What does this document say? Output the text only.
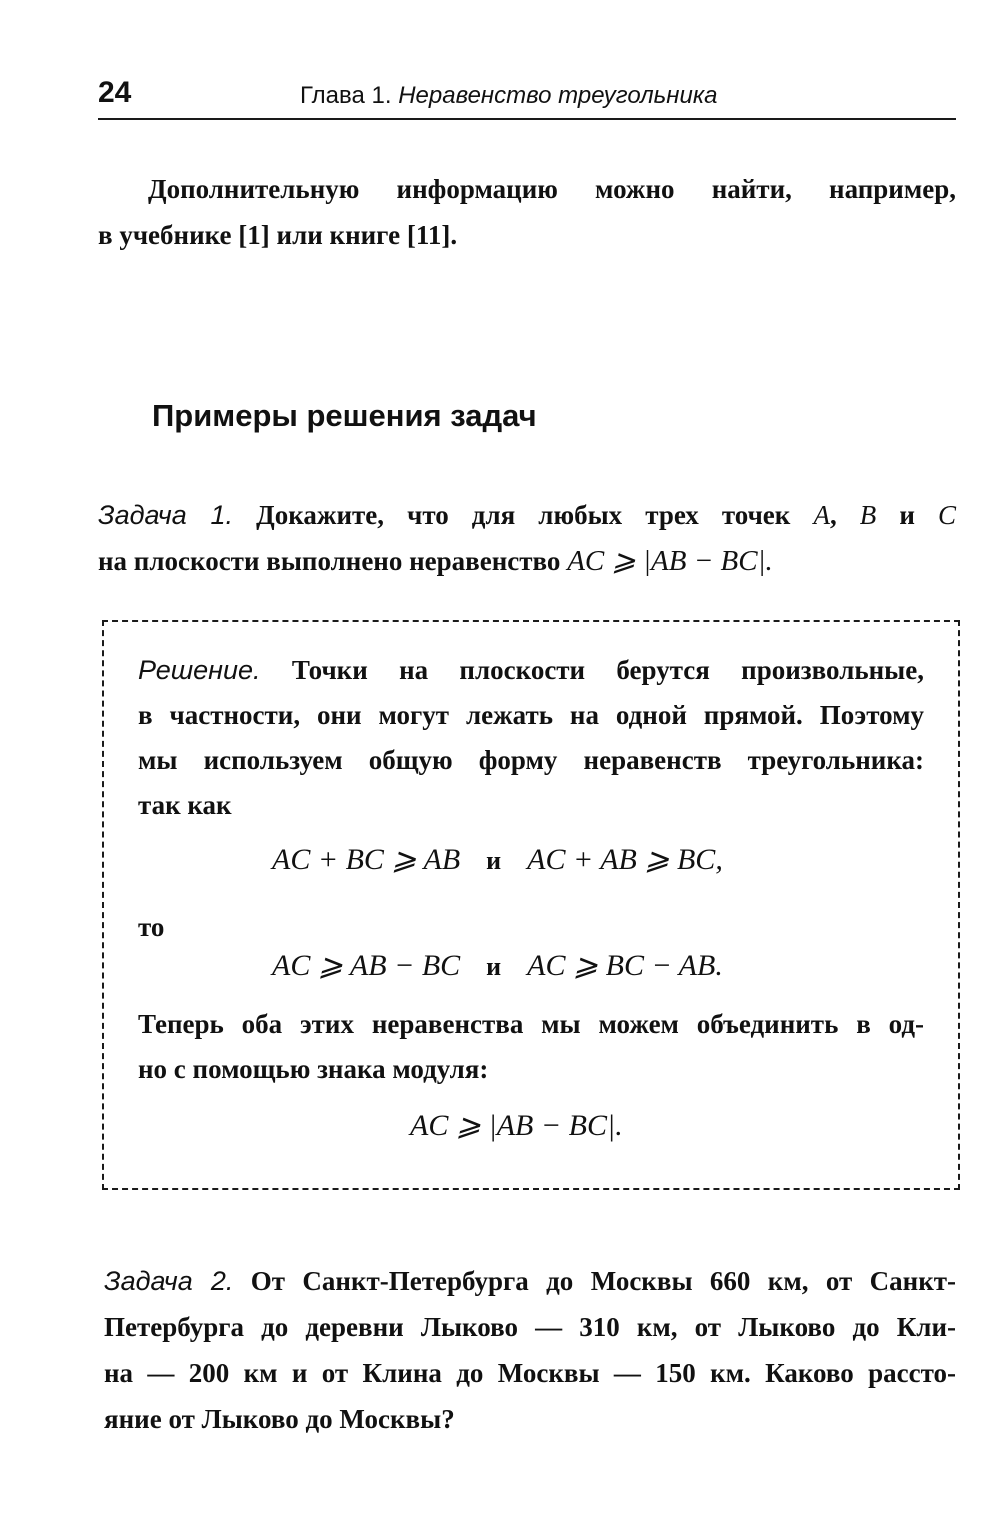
24	Глава 1. Неравенство треугольника
Дополнительную информацию можно найти, например,
в учебнике [1] или книге [11].
Примеры решения задач
Задача 1. Докажите, что для любых трех точек A, B и C
на плоскости выполнено неравенство AC ⩾ |AB − BC|.
Решение. Точки на плоскости берутся произвольные,
в частности, они могут лежать на одной прямой. Поэтому
мы используем общую форму неравенств треугольника:
так как
AC + BC ⩾ AB и AC + AB ⩾ BC,
то
AC ⩾ AB − BC и AC ⩾ BC − AB.
Теперь оба этих неравенства мы можем объединить в од-
но с помощью знака модуля:
AC ⩾ |AB − BC|.
Задача 2. От Санкт-Петербурга до Москвы 660 км, от Санкт-
Петербурга до деревни Лыково — 310 км, от Лыково до Кли-
на — 200 км и от Клина до Москвы — 150 км. Каково рассто-
яние от Лыково до Москвы?
